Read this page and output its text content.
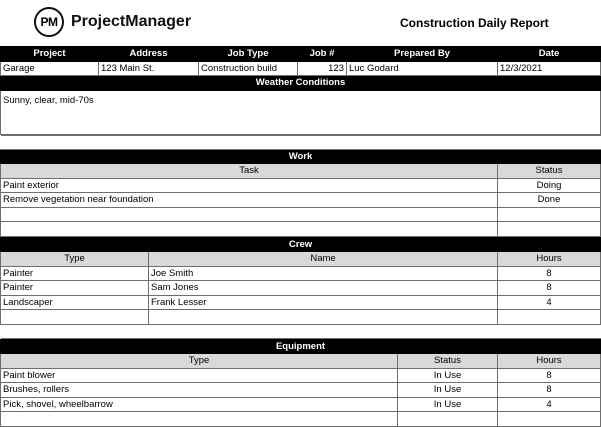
PM ProjectManager	Construction Daily Report
Project	Address	Job Type	Job #	Prepared By	Date
Garage	123 Main St.	Construction build	123	Luc Godard	12/3/2021
Weather Conditions					
Sunny, clear, mid-70s					

Work	
Task	Status
Paint exterior	Doing
Remove vegetation near foundation	Done

Crew		
Type	Name	Hours
Painter	Joe Smith	8
Painter	Sam Jones	8
Landscaper	Frank Lesser	4

Equipment		
Type	Status	Hours
Paint blower	In Use	8
Brushes, rollers	In Use	8
Pick, shovel, wheelbarrow	In Use	4
